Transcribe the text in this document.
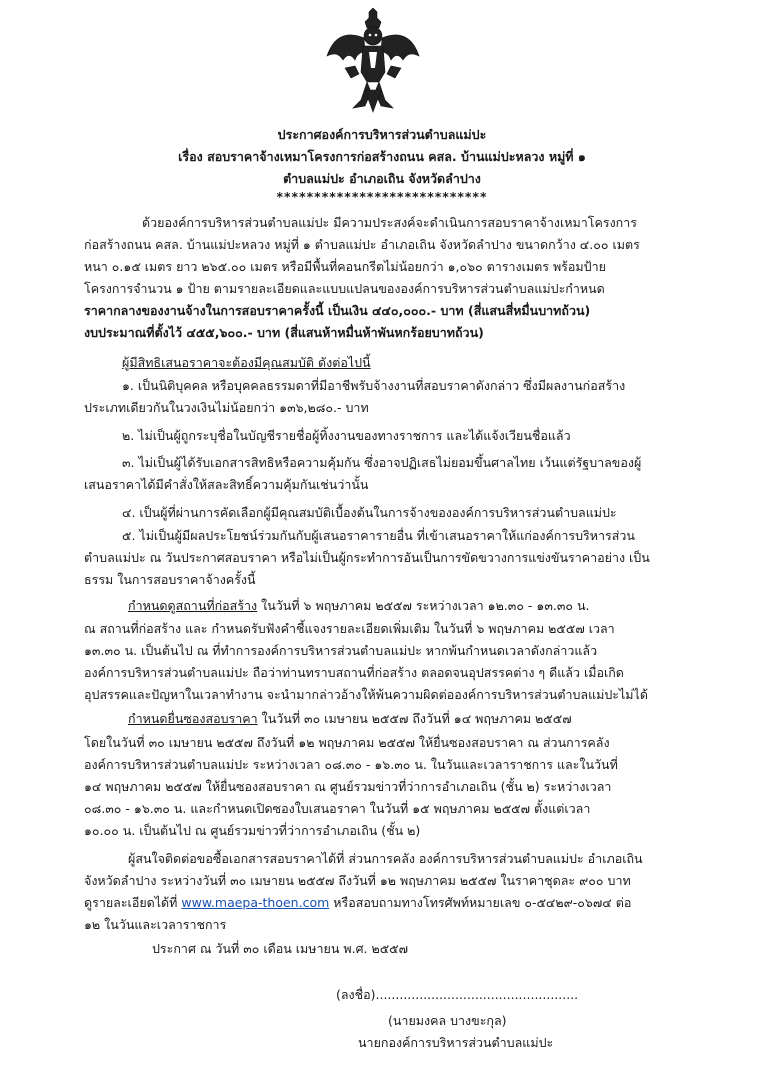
ประกาศองค์การบริหารส่วนตำบลแม่ปะ
เรื่อง สอบราคาจ้างเหมาโครงการก่อสร้างถนน คสล. บ้านแม่ปะหลวง หมู่ที่ ๑
ตำบลแม่ปะ อำเภอเถิน จังหวัดลำปาง
****************************
ด้วยองค์การบริหารส่วนตำบลแม่ปะ มีความประสงค์จะดำเนินการสอบราคาจ้างเหมาโครงการ
ก่อสร้างถนน คสล. บ้านแม่ปะหลวง หมู่ที่ ๑ ตำบลแม่ปะ อำเภอเถิน จังหวัดลำปาง ขนาดกว้าง ๔.๐๐ เมตร
หนา ๐.๑๕ เมตร ยาว ๒๖๕.๐๐ เมตร หรือมีพื้นที่คอนกรีตไม่น้อยกว่า ๑,๐๖๐ ตารางเมตร พร้อมป้าย
โครงการจำนวน ๑ ป้าย ตามรายละเอียดและแบบแปลนขององค์การบริหารส่วนตำบลแม่ปะกำหนด
ราคากลางของงานจ้างในการสอบราคาครั้งนี้ เป็นเงิน ๔๔๐,๐๐๐.- บาท (สี่แสนสี่หมื่นบาทถ้วน)
งบประมาณที่ตั้งไว้ ๔๕๕,๖๐๐.- บาท (สี่แสนห้าหมื่นห้าพันหกร้อยบาทถ้วน)
ผู้มีสิทธิเสนอราคาจะต้องมีคุณสมบัติ ดังต่อไปนี้
๑. เป็นนิติบุคคล หรือบุคคลธรรมดาที่มีอาชีพรับจ้างงานที่สอบราคาดังกล่าว ซึ่งมีผลงานก่อสร้าง
ประเภทเดียวกันในวงเงินไม่น้อยกว่า ๑๓๖,๒๘๐.- บาท
๒. ไม่เป็นผู้ถูกระบุชื่อในบัญชีรายชื่อผู้ทิ้งงานของทางราชการ และได้แจ้งเวียนชื่อแล้ว
๓. ไม่เป็นผู้ได้รับเอกสารสิทธิหรือความคุ้มกัน ซึ่งอาจปฏิเสธไม่ยอมขึ้นศาลไทย เว้นแต่รัฐบาลของผู้
เสนอราคาได้มีคำสั่งให้สละสิทธิ์ความคุ้มกันเช่นว่านั้น
๔. เป็นผู้ที่ผ่านการคัดเลือกผู้มีคุณสมบัติเบื้องต้นในการจ้างขององค์การบริหารส่วนตำบลแม่ปะ
๕. ไม่เป็นผู้มีผลประโยชน์ร่วมกันกับผู้เสนอราคารายอื่น ที่เข้าเสนอราคาให้แก่องค์การบริหารส่วน
ตำบลแม่ปะ ณ วันประกาศสอบราคา หรือไม่เป็นผู้กระทำการอันเป็นการขัดขวางการแข่งขันราคาอย่าง เป็น
ธรรม ในการสอบราคาจ้างครั้งนี้
กำหนดดูสถานที่ก่อสร้าง ในวันที่ ๖ พฤษภาคม ๒๕๕๗ ระหว่างเวลา ๑๒.๓๐ - ๑๓.๓๐ น.
ณ สถานที่ก่อสร้าง และ กำหนดรับฟังคำชี้แจงรายละเอียดเพิ่มเติม ในวันที่ ๖ พฤษภาคม ๒๕๕๗ เวลา
๑๓.๓๐ น. เป็นต้นไป ณ ที่ทำการองค์การบริหารส่วนตำบลแม่ปะ หากพ้นกำหนดเวลาดังกล่าวแล้ว
องค์การบริหารส่วนตำบลแม่ปะ ถือว่าท่านทราบสถานที่ก่อสร้าง ตลอดจนอุปสรรคต่าง ๆ ดีแล้ว เมื่อเกิด
อุปสรรคและปัญหาในเวลาทำงาน จะนำมากล่าวอ้างให้พ้นความผิดต่อองค์การบริหารส่วนตำบลแม่ปะไม่ได้
กำหนดยื่นซองสอบราคา ในวันที่ ๓๐ เมษายน ๒๕๕๗ ถึงวันที่ ๑๔ พฤษภาคม ๒๕๕๗
โดยในวันที่ ๓๐ เมษายน ๒๕๕๗ ถึงวันที่ ๑๒ พฤษภาคม ๒๕๕๗ ให้ยื่นซองสอบราคา ณ ส่วนการคลัง
องค์การบริหารส่วนตำบลแม่ปะ ระหว่างเวลา ๐๘.๓๐ - ๑๖.๓๐ น. ในวันและเวลาราชการ และในวันที่
๑๔ พฤษภาคม ๒๕๕๗ ให้ยื่นซองสอบราคา ณ ศูนย์รวมข่าวที่ว่าการอำเภอเถิน (ชั้น ๒) ระหว่างเวลา
๐๘.๓๐ - ๑๖.๓๐ น. และกำหนดเปิดซองใบเสนอราคา ในวันที่ ๑๕ พฤษภาคม ๒๕๕๗ ตั้งแต่เวลา
๑๐.๐๐ น. เป็นต้นไป ณ ศูนย์รวมข่าวที่ว่าการอำเภอเถิน (ชั้น ๒)
ผู้สนใจติดต่อขอซื้อเอกสารสอบราคาได้ที่ ส่วนการคลัง องค์การบริหารส่วนตำบลแม่ปะ อำเภอเถิน
จังหวัดลำปาง ระหว่างวันที่ ๓๐ เมษายน ๒๕๕๗ ถึงวันที่ ๑๒ พฤษภาคม ๒๕๕๗ ในราคาชุดละ ๙๐๐ บาท
ดูรายละเอียดได้ที่ www.maepa-thoen.com หรือสอบถามทางโทรศัพท์หมายเลข ๐-๕๔๒๙-๐๖๗๔ ต่อ
๑๒ ในวันและเวลาราชการ
ประกาศ ณ วันที่ ๓๐ เดือน เมษายน พ.ศ. ๒๕๕๗
(ลงชื่อ)...................................................
(นายมงคล บางขะกุล)
นายกองค์การบริหารส่วนตำบลแม่ปะ
